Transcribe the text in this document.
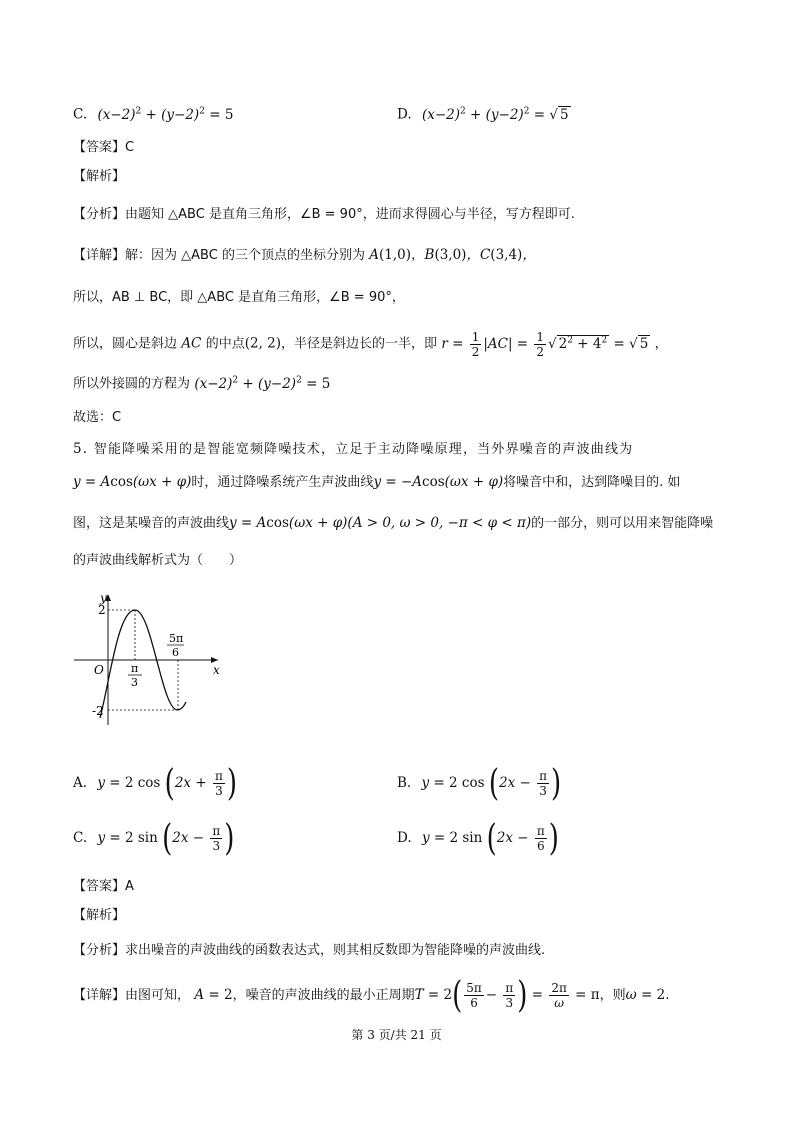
C. $(x-2)^2 + (y-2)^2 = 5$	D. $(x-2)^2 + (y-2)^2$ = √ 5
【答案】C
【解析】
【分析】由题知 △ABC 是直角三角形，∠B = 90°，进而求得圆心与半径，写方程即可.
【详解】解：因为 △ABC 的三个顶点的坐标分别为 A(1,0)，B(3,0)，C(3,4)，
所以，AB ⊥ BC，即 △ABC 是直角三角形，∠B = 90°，
所以，圆心是斜边 AC 的中点(2, 2)，半径是斜边长的一半，即 $r = \frac{1}{2} |AC| = \frac{1}{2}$ √ $2^2 + 4^2$ = √ 5 ，
所以外接圆的方程为 $(x-2)^2 + (y-2)^2 = 5$
故选：C
5. 智能降噪采用的是智能宽频降噪技术，立足于主动降噪原理，当外界噪音的声波曲线为
y = Acos(ωx + φ)时，通过降噪系统产生声波曲线y = −Acos(ωx + φ)将噪音中和，达到降噪目的. 如
图，这是某噪音的声波曲线y = Acos(ωx + φ)(A > 0, ω > 0, −π < φ < π)的一部分，则可以用来智能降噪
的声波曲线解析式为（　　）
y
x
O
2
-2
π
3
5π
6
A. y = 2 $\cos (2x + \frac{\pi}{3}$ )	B. y = 2 $\cos (2x - \frac{\pi}{3}$ )
C. y = 2 $\sin (2x - \frac{\pi}{3}$ )	D. y = 2 $\sin (2x - \frac{\pi}{6}$ )
【答案】A
【解析】
【分析】求出噪音的声波曲线的函数表达式，则其相反数即为智能降噪的声波曲线.
【详解】由图可知， A = 2，噪音的声波曲线的最小正周期$T = 2( \frac{5\pi}{6} - \frac{\pi}{3}$ ) = $\frac{2\pi}{\omega} = \pi$，则ω = 2.
第 3 页/共 21 页
